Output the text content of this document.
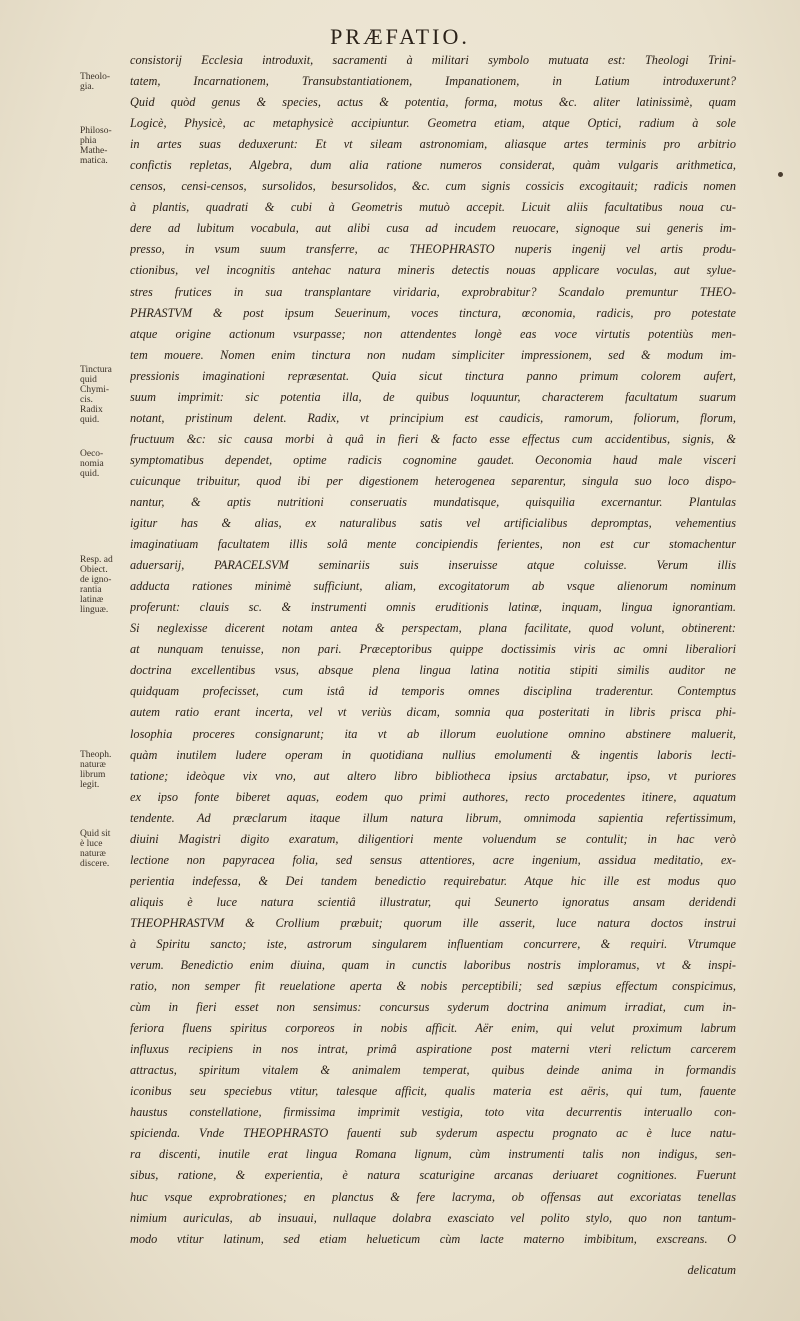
PRÆFATIO.
Theolo-
gia.
Philoso-
phia
Mathe-
matica.
Tinctura
quid
Chymi-
cis.
Radix
quid.
Oeco-
nomia
quid.
Resp. ad
Obiect.
de igno-
rantia
latinæ
linguæ.
Theoph.
naturæ
librum
legit.
Quid sit
è luce
naturæ
discere.
consistorij Ecclesia introduxit, sacramenti à militari symbolo mutuata est: Theologi Trini-
tatem, Incarnationem, Transubstantiationem, Impanationem, in Latium introduxerunt?
Quid quòd genus & species, actus & potentia, forma, motus &c. aliter latinissimè, quam
Logicè, Physicè, ac metaphysicè accipiuntur. Geometra etiam, atque Optici, radium à sole
in artes suas deduxerunt: Et vt sileam astronomiam, aliasque artes terminis pro arbitrio
confictis repletas, Algebra, dum alia ratione numeros considerat, quàm vulgaris arithmetica,
censos, censi-censos, sursolidos, besursolidos, &c. cum signis cossicis excogitauit; radicis nomen
à plantis, quadrati & cubi à Geometris mutuò accepit. Licuit aliis facultatibus noua cu-
dere ad lubitum vocabula, aut alibi cusa ad incudem reuocare, signoque sui generis im-
presso, in vsum suum transferre, ac THEOPHRASTO nuperis ingenij vel artis produ-
ctionibus, vel incognitis antehac natura mineris detectis nouas applicare voculas, aut sylue-
stres frutices in sua transplantare viridaria, exprobrabitur? Scandalo premuntur THEO-
PHRASTVM & post ipsum Seuerinum, voces tinctura, œconomia, radicis, pro potestate
atque origine actionum vsurpasse; non attendentes longè eas voce virtutis potentiùs men-
tem mouere. Nomen enim tinctura non nudam simpliciter impressionem, sed & modum im-
pressionis imaginationi repræsentat. Quia sicut tinctura panno primum colorem aufert,
suum imprimit: sic potentia illa, de quibus loquuntur, characterem facultatum suarum
notant, pristinum delent. Radix, vt principium est caudicis, ramorum, foliorum, florum,
fructuum &c: sic causa morbi à quâ in fieri & facto esse effectus cum accidentibus, signis, &
symptomatibus dependet, optime radicis cognomine gaudet. Oeconomia haud male visceri
cuicunque tribuitur, quod ibi per digestionem heterogenea separentur, singula suo loco dispo-
nantur, & aptis nutritioni conseruatis mundatisque, quisquilia excernantur. Plantulas
igitur has & alias, ex naturalibus satis vel artificialibus depromptas, vehementius
imaginatiuam facultatem illis solâ mente concipiendis ferientes, non est cur stomachentur
aduersarij, PARACELSVM seminariis suis inseruisse atque coluisse. Verum illis
adducta rationes minimè sufficiunt, aliam, excogitatorum ab vsque alienorum nominum
proferunt: clauis sc. & instrumenti omnis eruditionis latinæ, inquam, lingua ignorantiam.
Si neglexisse dicerent notam antea & perspectam, plana facilitate, quod volunt, obtinerent:
at nunquam tenuisse, non pari. Præceptoribus quippe doctissimis viris ac omni liberaliori
doctrina excellentibus vsus, absque plena lingua latina notitia stipiti similis auditor ne
quidquam profecisset, cum istâ id temporis omnes disciplina traderentur. Contemptus
autem ratio erant incerta, vel vt veriùs dicam, somnia qua posteritati in libris prisca phi-
losophia proceres consignarunt; ita vt ab illorum euolutione omnino abstinere maluerit,
quàm inutilem ludere operam in quotidiana nullius emolumenti & ingentis laboris lecti-
tatione; ideòque vix vno, aut altero libro bibliotheca ipsius arctabatur, ipso, vt puriores
ex ipso fonte biberet aquas, eodem quo primi authores, recto procedentes itinere, aquatum
tendente. Ad præclarum itaque illum natura librum, omnimoda sapientia refertissimum,
diuini Magistri digito exaratum, diligentiori mente voluendum se contulit; in hac verò
lectione non papyracea folia, sed sensus attentiores, acre ingenium, assidua meditatio, ex-
perientia indefessa, & Dei tandem benedictio requirebatur. Atque hic ille est modus quo
aliquis è luce natura scientiâ illustratur, qui Seunerto ignoratus ansam deridendi
THEOPHRASTVM & Crollium præbuit; quorum ille asserit, luce natura doctos instrui
à Spiritu sancto; iste, astrorum singularem influentiam concurrere, & requiri. Vtrumque
verum. Benedictio enim diuina, quam in cunctis laboribus nostris imploramus, vt & inspi-
ratio, non semper fit reuelatione aperta & nobis perceptibili; sed sæpius effectum conspicimus,
cùm in fieri esset non sensimus: concursus syderum doctrina animum irradiat, cum in-
feriora fluens spiritus corporeos in nobis afficit. Aër enim, qui velut proximum labrum
influxus recipiens in nos intrat, primâ aspiratione post materni vteri relictum carcerem
attractus, spiritum vitalem & animalem temperat, quibus deinde anima in formandis
iconibus seu speciebus vtitur, talesque afficit, qualis materia est aëris, qui tum, fauente
haustus constellatione, firmissima imprimit vestigia, toto vita decurrentis interuallo con-
spicienda. Vnde THEOPHRASTO fauenti sub syderum aspectu prognato ac è luce natu-
ra discenti, inutile erat lingua Romana lignum, cùm instrumenti talis non indigus, sen-
sibus, ratione, & experientia, è natura scaturigine arcanas deriuaret cognitiones. Fuerunt
huc vsque exprobrationes; en planctus & fere lacryma, ob offensas aut excoriatas tenellas
nimium auriculas, ab insuaui, nullaque dolabra exasciato vel polito stylo, quo non tantum-
modo vtitur latinum, sed etiam helueticum cùm lacte materno imbibitum, exscreans. O
delicatum
